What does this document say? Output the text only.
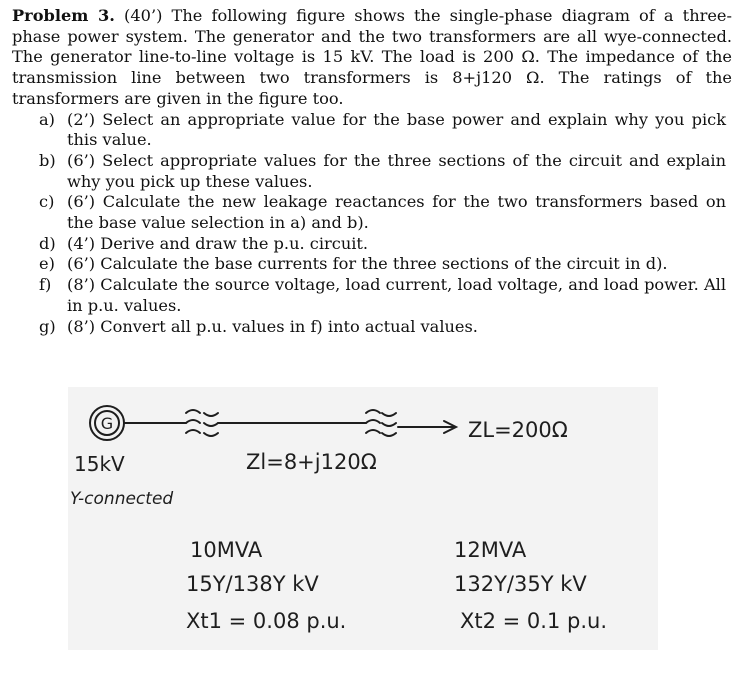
Problem 3. (40’) The following figure shows the single-phase diagram of a three-phase power system. The generator and the two transformers are all wye-connected. The generator line-to-line voltage is 15 kV. The load is 200 Ω. The impedance of the transmission line between two transformers is 8+j120 Ω. The ratings of the transformers are given in the figure too.

a) (2’) Select an appropriate value for the base power and explain why you pick this value.
b) (6’) Select appropriate values for the three sections of the circuit and explain why you pick up these values.
c) (6’) Calculate the new leakage reactances for the two transformers based on the base value selection in a) and b).
d) (4’) Derive and draw the p.u. circuit.
e) (6’) Calculate the base currents for the three sections of the circuit in d).
f) (8’) Calculate the source voltage, load current, load voltage, and load power. All in p.u. values.
g) (8’) Convert all p.u. values in f) into actual values.
G
15kV
Y-connected
Zl=8+j120Ω
ZL=200Ω
10MVA
15Y/138Y kV
Xt1 = 0.08 p.u.
12MVA
132Y/35Y kV
Xt2 = 0.1 p.u.
